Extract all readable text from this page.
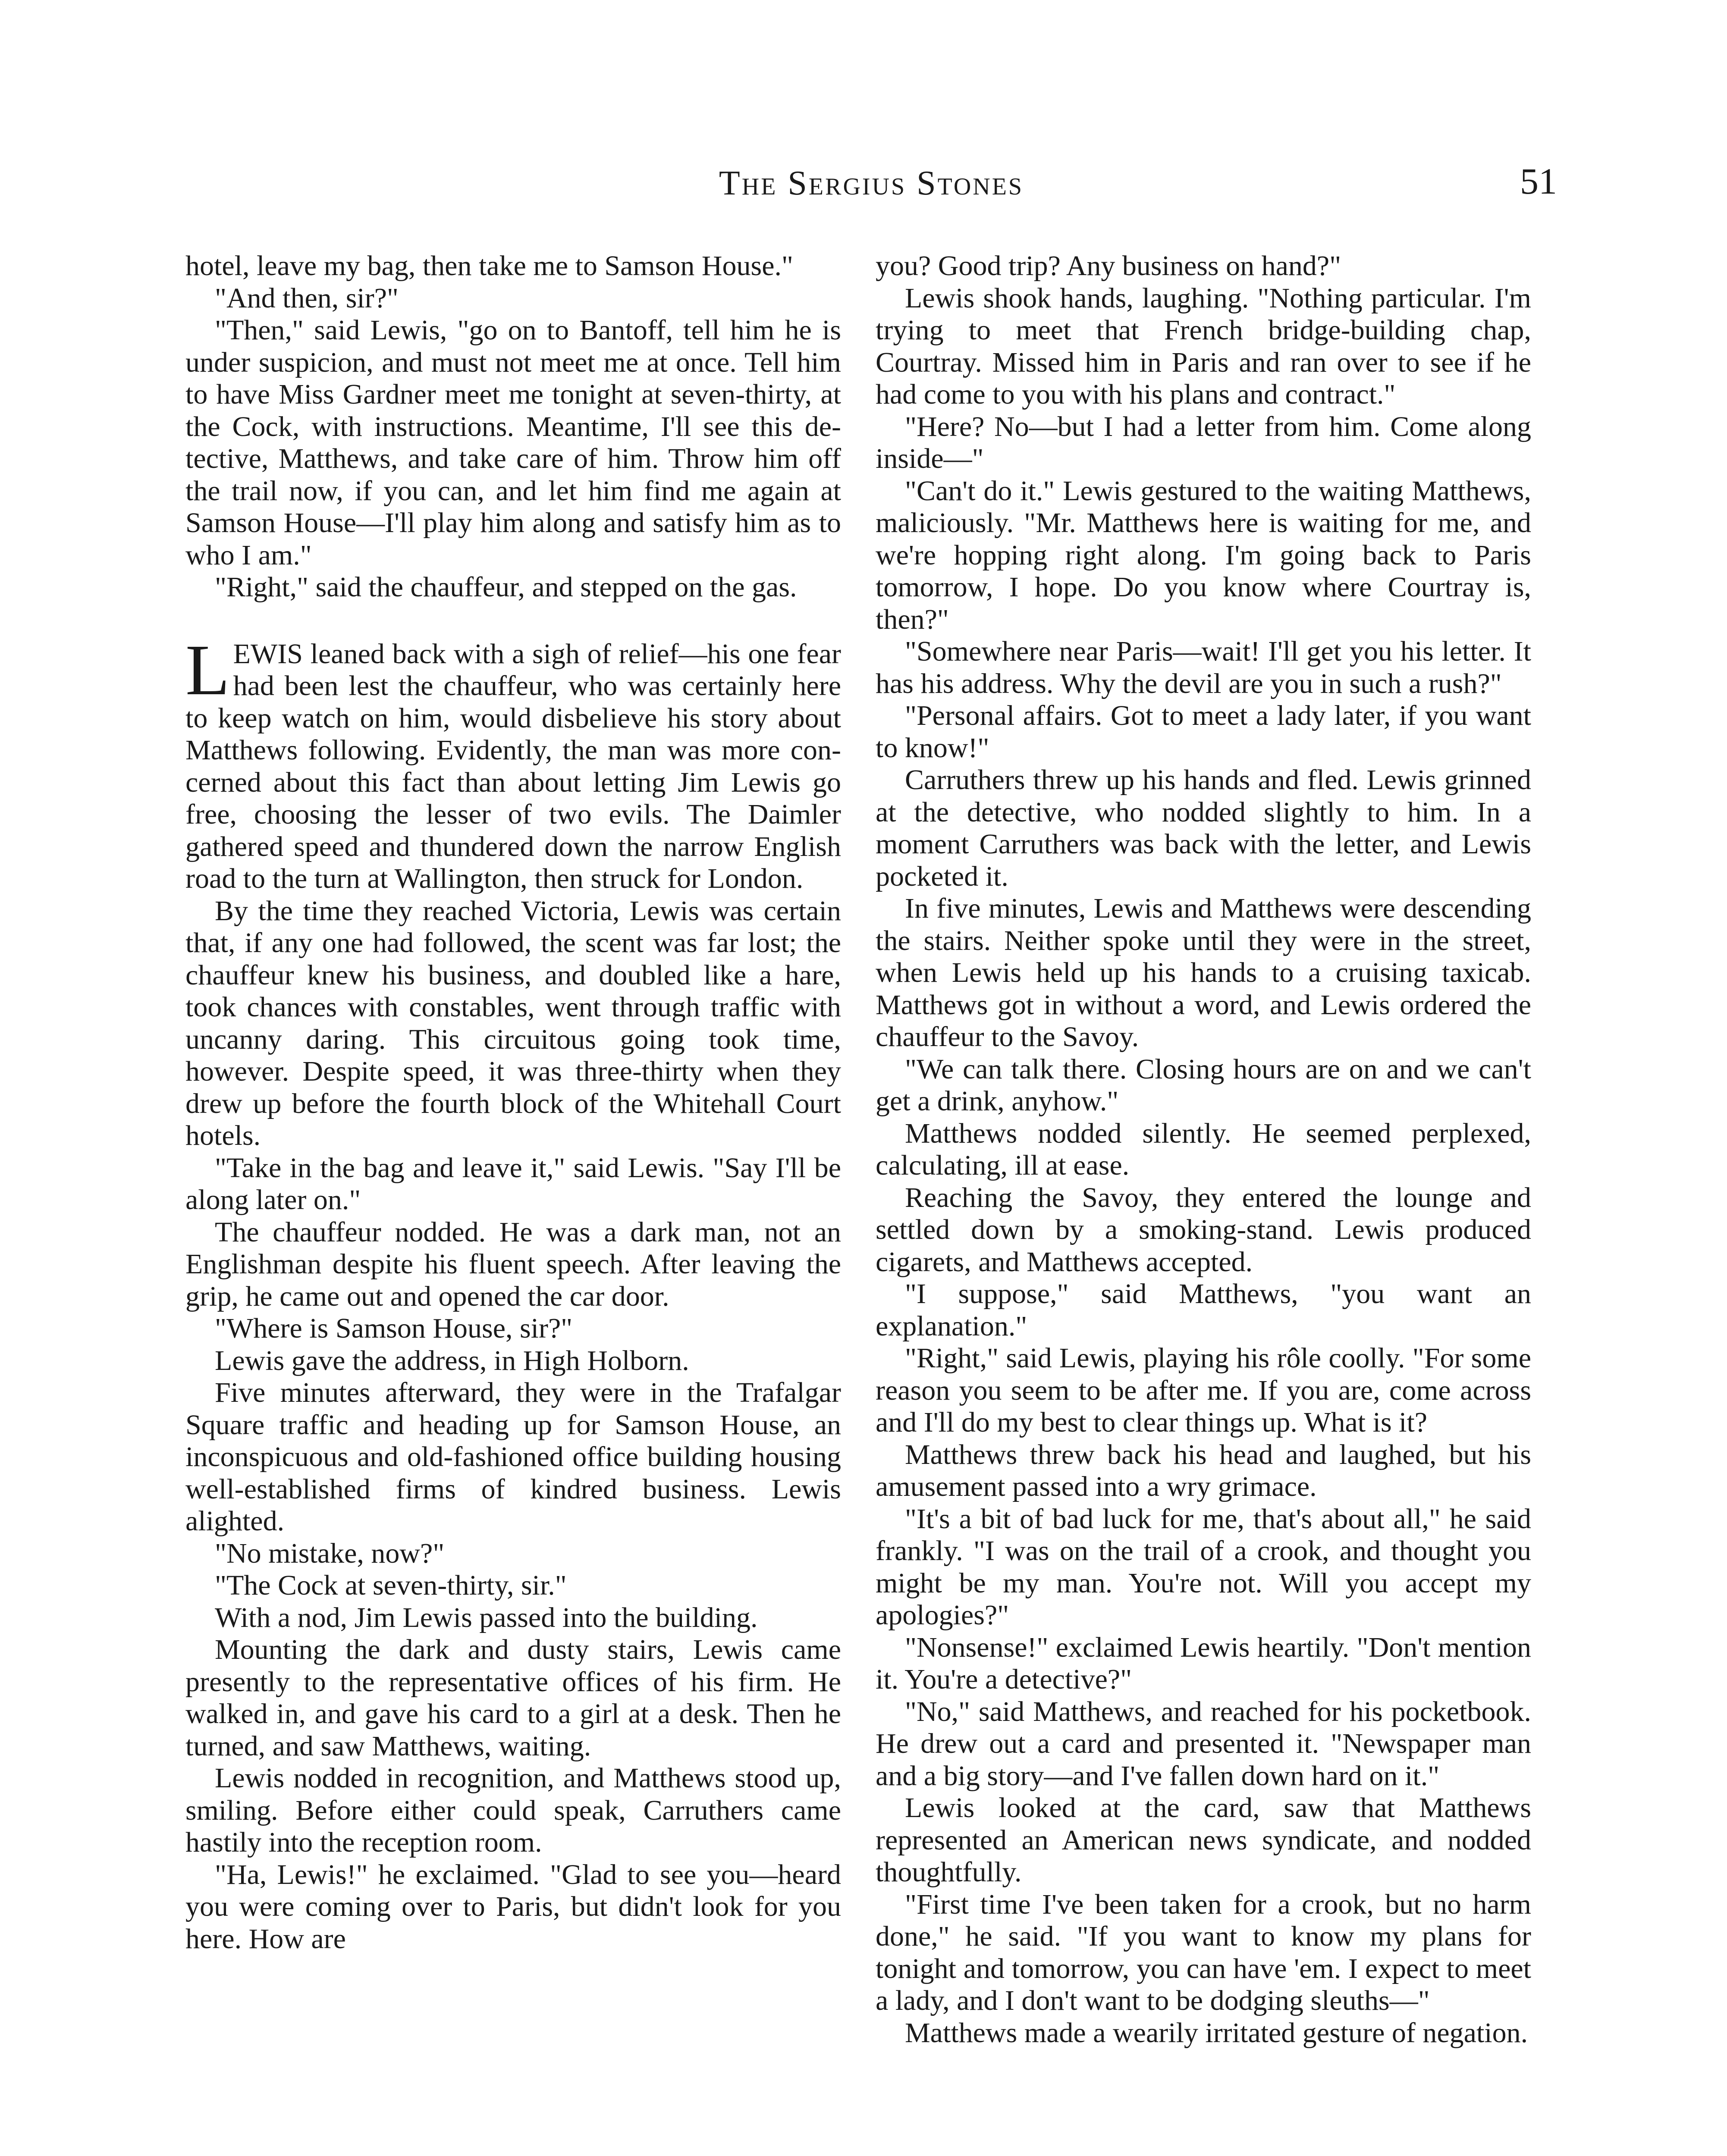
The Sergius Stones	51

hotel, leave my bag, then take me to Samson House."

"And then, sir?"

"Then," said Lewis, "go on to Bantoff, tell him he is under suspicion, and must not meet me at once. Tell him to have Miss Gardner meet me tonight at seven-thirty, at the Cock, with instructions. Meantime, I'll see this detective, Matthews, and take care of him. Throw him off the trail now, if you can, and let him find me again at Samson House—I'll play him along and satisfy him as to who I am."

"Right," said the chauffeur, and stepped on the gas.

LEWIS leaned back with a sigh of relief—his one fear had been lest the chauffeur, who was certainly here to keep watch on him, would disbelieve his story about Matthews following. Evidently, the man was more concerned about this fact than about letting Jim Lewis go free, choosing the lesser of two evils. The Daimler gathered speed and thundered down the narrow English road to the turn at Wallington, then struck for London.

By the time they reached Victoria, Lewis was certain that, if any one had followed, the scent was far lost; the chauffeur knew his business, and doubled like a hare, took chances with constables, went through traffic with uncanny daring. This circuitous going took time, however. Despite speed, it was three-thirty when they drew up before the fourth block of the Whitehall Court hotels.

"Take in the bag and leave it," said Lewis. "Say I'll be along later on."

The chauffeur nodded. He was a dark man, not an Englishman despite his fluent speech. After leaving the grip, he came out and opened the car door.

"Where is Samson House, sir?"

Lewis gave the address, in High Holborn.

Five minutes afterward, they were in the Trafalgar Square traffic and heading up for Samson House, an inconspicuous and old-fashioned office building housing well-established firms of kindred business. Lewis alighted.

"No mistake, now?"

"The Cock at seven-thirty, sir."

With a nod, Jim Lewis passed into the building.

Mounting the dark and dusty stairs, Lewis came presently to the representative offices of his firm. He walked in, and gave his card to a girl at a desk. Then he turned, and saw Matthews, waiting.

Lewis nodded in recognition, and Matthews stood up, smiling. Before either could speak, Carruthers came hastily into the reception room.

"Ha, Lewis!" he exclaimed. "Glad to see you—heard you were coming over to Paris, but didn't look for you here. How are

you? Good trip? Any business on hand?"

Lewis shook hands, laughing. "Nothing particular. I'm trying to meet that French bridge-building chap, Courtray. Missed him in Paris and ran over to see if he had come to you with his plans and contract."

"Here? No—but I had a letter from him. Come along inside—"

"Can't do it." Lewis gestured to the waiting Matthews, maliciously. "Mr. Matthews here is waiting for me, and we're hopping right along. I'm going back to Paris tomorrow, I hope. Do you know where Courtray is, then?"

"Somewhere near Paris—wait! I'll get you his letter. It has his address. Why the devil are you in such a rush?"

"Personal affairs. Got to meet a lady later, if you want to know!"

Carruthers threw up his hands and fled. Lewis grinned at the detective, who nodded slightly to him. In a moment Carruthers was back with the letter, and Lewis pocketed it.

In five minutes, Lewis and Matthews were descending the stairs. Neither spoke until they were in the street, when Lewis held up his hands to a cruising taxicab. Matthews got in without a word, and Lewis ordered the chauffeur to the Savoy.

"We can talk there. Closing hours are on and we can't get a drink, anyhow."

Matthews nodded silently. He seemed perplexed, calculating, ill at ease.

Reaching the Savoy, they entered the lounge and settled down by a smoking-stand. Lewis produced cigarets, and Matthews accepted.

"I suppose," said Matthews, "you want an explanation."

"Right," said Lewis, playing his rôle coolly. "For some reason you seem to be after me. If you are, come across and I'll do my best to clear things up. What is it?

Matthews threw back his head and laughed, but his amusement passed into a wry grimace.

"It's a bit of bad luck for me, that's about all," he said frankly. "I was on the trail of a crook, and thought you might be my man. You're not. Will you accept my apologies?"

"Nonsense!" exclaimed Lewis heartily. "Don't mention it. You're a detective?"

"No," said Matthews, and reached for his pocketbook. He drew out a card and presented it. "Newspaper man and a big story—and I've fallen down hard on it."

Lewis looked at the card, saw that Matthews represented an American news syndicate, and nodded thoughtfully.

"First time I've been taken for a crook, but no harm done," he said. "If you want to know my plans for tonight and tomorrow, you can have 'em. I expect to meet a lady, and I don't want to be dodging sleuths—"

Matthews made a wearily irritated gesture of negation.
